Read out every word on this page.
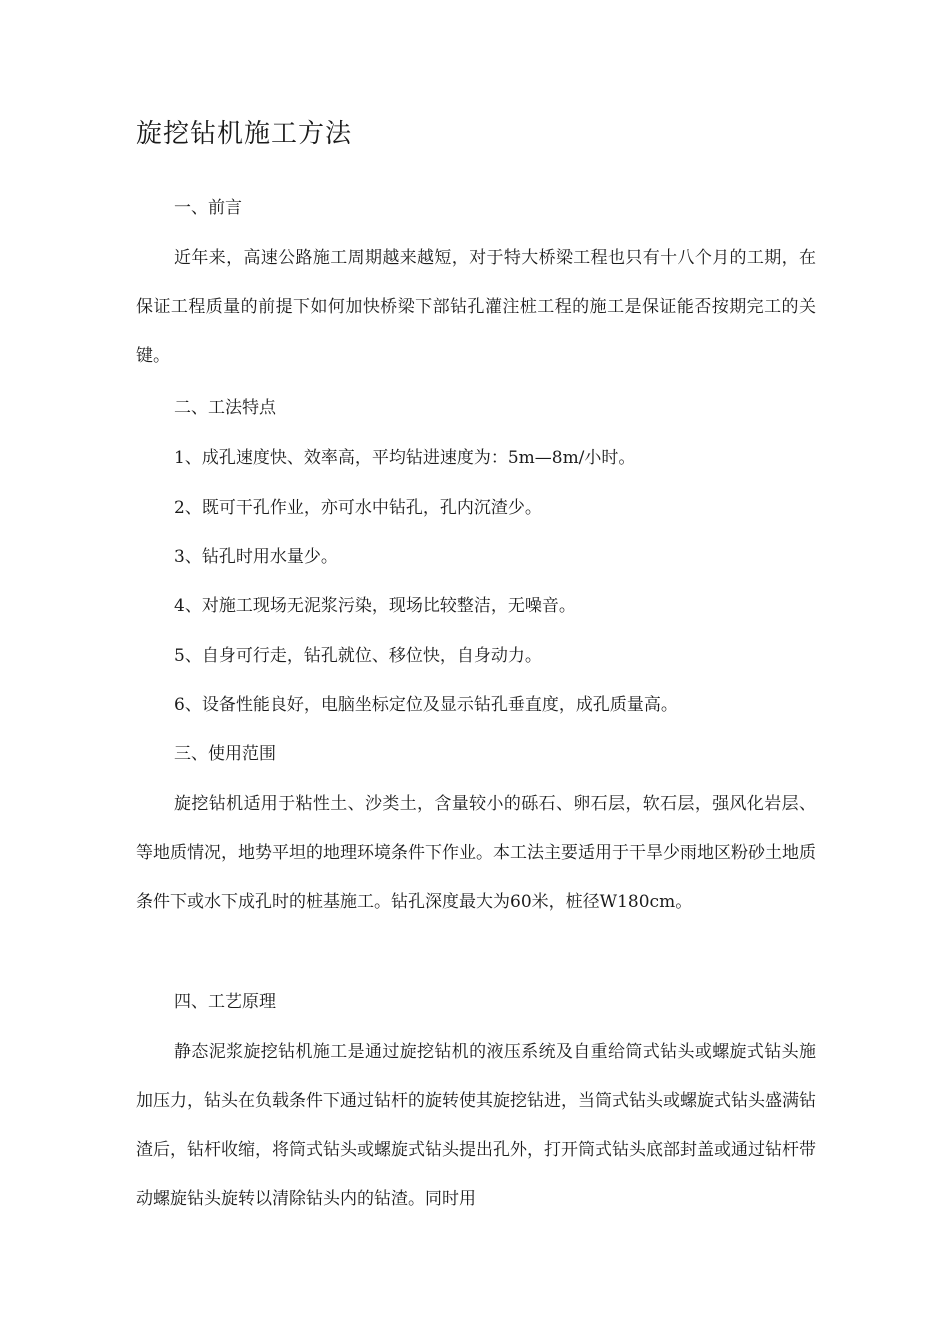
旋挖钻机施工方法
一、前言
近年来，高速公路施工周期越来越短，对于特大桥梁工程也只有十八个月的工期，在保证工程质量的前提下如何加快桥梁下部钻孔灌注桩工程的施工是保证能否按期完工的关键。
二、工法特点
1、成孔速度快、效率高，平均钻进速度为：5m—8m/小时。
2、既可干孔作业，亦可水中钻孔，孔内沉渣少。
3、钻孔时用水量少。
4、对施工现场无泥浆污染，现场比较整洁，无噪音。
5、自身可行走，钻孔就位、移位快，自身动力。
6、设备性能良好，电脑坐标定位及显示钻孔垂直度，成孔质量高。
三、使用范围
旋挖钻机适用于粘性土、沙类土，含量较小的砾石、卵石层，软石层，强风化岩层、等地质情况，地势平坦的地理环境条件下作业。本工法主要适用于干旱少雨地区粉砂土地质条件下或水下成孔时的桩基施工。钻孔深度最大为60米，桩径W180cm。
四、工艺原理
静态泥浆旋挖钻机施工是通过旋挖钻机的液压系统及自重给筒式钻头或螺旋式钻头施加压力，钻头在负载条件下通过钻杆的旋转使其旋挖钻进，当筒式钻头或螺旋式钻头盛满钻渣后，钻杆收缩，将筒式钻头或螺旋式钻头提出孔外，打开筒式钻头底部封盖或通过钻杆带动螺旋钻头旋转以清除钻头内的钻渣。同时用
